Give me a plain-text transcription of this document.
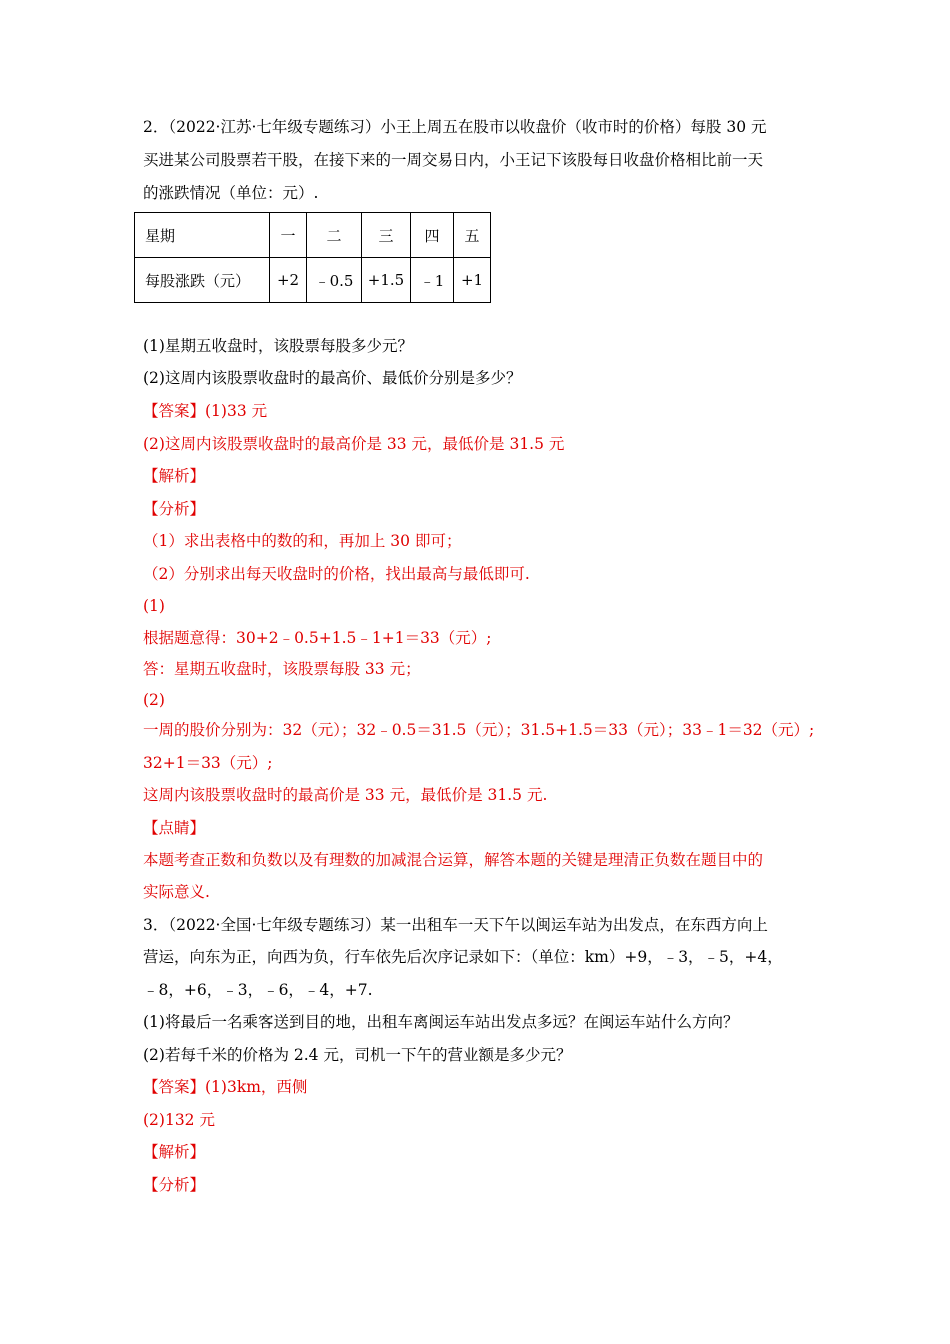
2．（2022·江苏·七年级专题练习）小王上周五在股市以收盘价（收市时的价格）每股 30 元
买进某公司股票若干股，在接下来的一周交易日内，小王记下该股每日收盘价格相比前一天
的涨跌情况（单位：元）.
星期	一	二	三	四	五
每股涨跌（元）	+2	﹣0.5	+1.5	﹣1	+1
(1)星期五收盘时，该股票每股多少元？
(2)这周内该股票收盘时的最高价、最低价分别是多少？
【答案】(1)33 元
(2)这周内该股票收盘时的最高价是 33 元，最低价是 31.5 元
【解析】
【分析】
（1）求出表格中的数的和，再加上 30 即可；
（2）分别求出每天收盘时的价格，找出最高与最低即可.
(1)
根据题意得：30+2﹣0.5+1.5﹣1+1＝33（元）;
答：星期五收盘时，该股票每股 33 元；
(2)
一周的股价分别为：32（元）；32﹣0.5＝31.5（元）；31.5+1.5＝33（元）；33﹣1＝32（元）;
32+1＝33（元）;
这周内该股票收盘时的最高价是 33 元，最低价是 31.5 元.
【点睛】
本题考查正数和负数以及有理数的加减混合运算，解答本题的关键是理清正负数在题目中的
实际意义.
3．（2022·全国·七年级专题练习）某一出租车一天下午以闽运车站为出发点，在东西方向上
营运，向东为正，向西为负，行车依先后次序记录如下：（单位：km）+9，﹣3，﹣5，+4，
﹣8，+6，﹣3，﹣6，﹣4，+7.
(1)将最后一名乘客送到目的地，出租车离闽运车站出发点多远？在闽运车站什么方向？
(2)若每千米的价格为 2.4 元，司机一下午的营业额是多少元？
【答案】(1)3km，西侧
(2)132 元
【解析】
【分析】
